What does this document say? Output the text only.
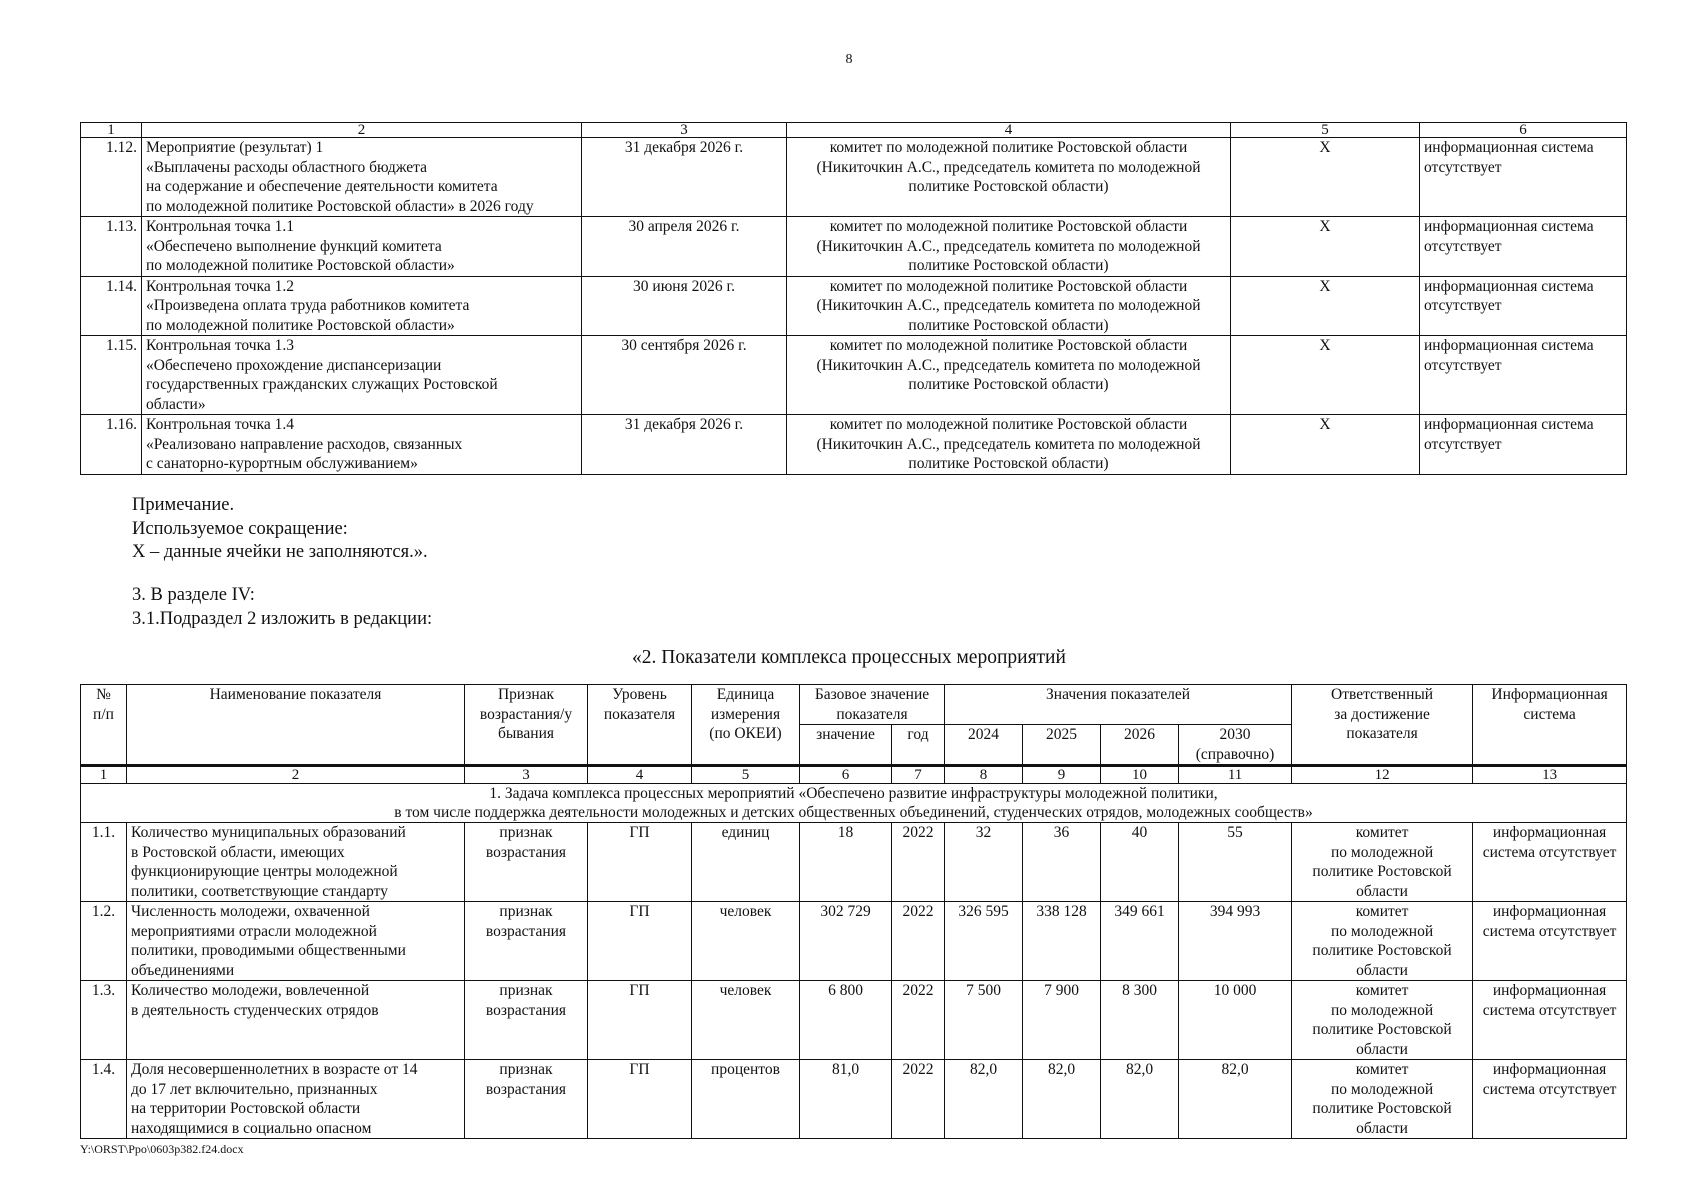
8
1	2	3	4	5	6
1.12.	Мероприятие (результат) 1
«Выплачены расходы областного бюджета
на содержание и обеспечение деятельности комитета
по молодежной политике Ростовской области» в 2026 году	31 декабря 2026 г.	комитет по молодежной политике Ростовской области
(Никиточкин А.С., председатель комитета по молодежной
политике Ростовской области)	X	информационная система
отсутствует
1.13.	Контрольная точка 1.1
«Обеспечено выполнение функций комитета
по молодежной политике Ростовской области»	30 апреля 2026 г.	комитет по молодежной политике Ростовской области
(Никиточкин А.С., председатель комитета по молодежной
политике Ростовской области)	X	информационная система
отсутствует
1.14.	Контрольная точка 1.2
«Произведена оплата труда работников комитета
по молодежной политике Ростовской области»	30 июня 2026 г.	комитет по молодежной политике Ростовской области
(Никиточкин А.С., председатель комитета по молодежной
политике Ростовской области)	X	информационная система
отсутствует
1.15.	Контрольная точка 1.3
«Обеспечено прохождение диспансеризации
государственных гражданских служащих Ростовской
области»	30 сентября 2026 г.	комитет по молодежной политике Ростовской области
(Никиточкин А.С., председатель комитета по молодежной
политике Ростовской области)	X	информационная система
отсутствует
1.16.	Контрольная точка 1.4
«Реализовано направление расходов, связанных
с санаторно-курортным обслуживанием»	31 декабря 2026 г.	комитет по молодежной политике Ростовской области
(Никиточкин А.С., председатель комитета по молодежной
политике Ростовской области)	X	информационная система
отсутствует
Примечание.
Используемое сокращение:
X – данные ячейки не заполняются.».
3. В разделе IV:
3.1.Подраздел 2 изложить в редакции:
«2. Показатели комплекса процессных мероприятий
№
п/п	Наименование показателя	Признак
возрастания/у
бывания	Уровень
показателя	Единица
измерения
(по ОКЕИ)	Базовое значение
показателя		Значения показателей				Ответственный
за достижение
показателя	Информационная
система
					значение	год	2024	2025	2026	2030
(справочно)		
1	2	3	4	5	6	7	8	9	10	11	12	13
1. Задача комплекса процессных мероприятий «Обеспечено развитие инфраструктуры молодежной политики,
в том числе поддержка деятельности молодежных и детских общественных объединений, студенческих отрядов, молодежных сообществ»												
1.1.	Количество муниципальных образований
в Ростовской области, имеющих
функционирующие центры молодежной
политики, соответствующие стандарту	признак
возрастания	ГП	единиц	18	2022	32	36	40	55	комитет
по молодежной
политике Ростовской
области	информационная
система отсутствует
1.2.	Численность молодежи, охваченной
мероприятиями отрасли молодежной
политики, проводимыми общественными
объединениями	признак
возрастания	ГП	человек	302 729	2022	326 595	338 128	349 661	394 993	комитет
по молодежной
политике Ростовской
области	информационная
система отсутствует
1.3.	Количество молодежи, вовлеченной
в деятельность студенческих отрядов	признак
возрастания	ГП	человек	6 800	2022	7 500	7 900	8 300	10 000	комитет
по молодежной
политике Ростовской
области	информационная
система отсутствует
1.4.	Доля несовершеннолетних в возрасте от 14
до 17 лет включительно, признанных
на территории Ростовской области
находящимися в социально опасном	признак
возрастания	ГП	процентов	81,0	2022	82,0	82,0	82,0	82,0	комитет
по молодежной
политике Ростовской
области	информационная
система отсутствует
Y:\ORST\Ppo\0603p382.f24.docx
